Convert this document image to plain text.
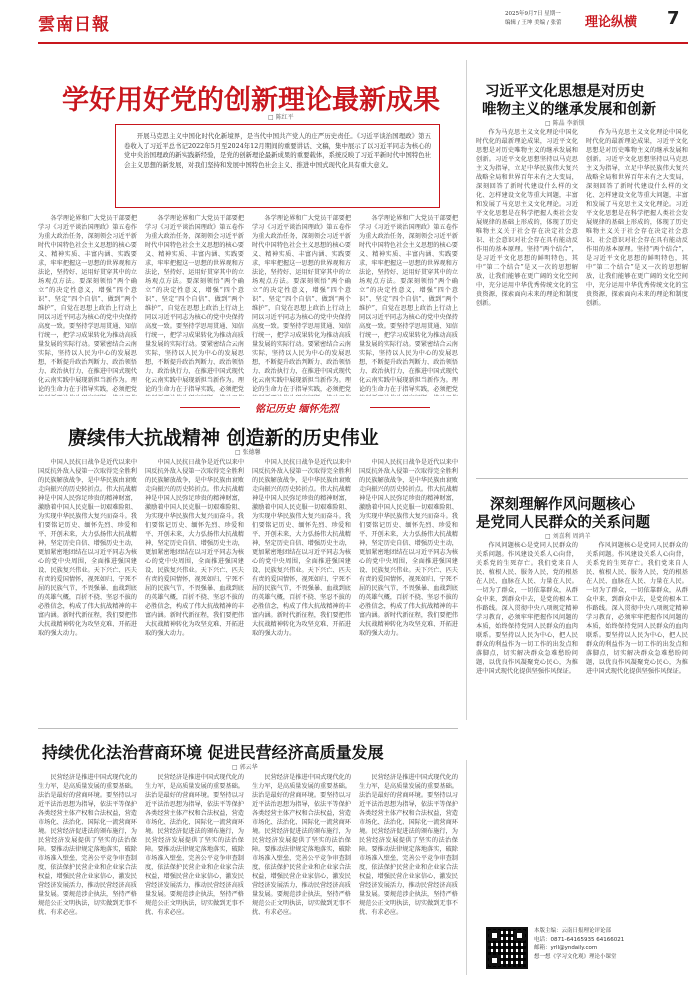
雲南日報
2025年9月7日 星期一
编辑 / 王坤 美编 / 张蕾	理论纵横 7
学好用好党的创新理论最新成果
□ 陈红平

开展马克思主义中国化时代化新境界，是当代中国共产党人的庄严历史责任。《习近平谈治国理政》第五卷收入了习近平总书记2022年5月至2024年12月期间的重要讲话、文稿，集中展示了以习近平同志为核心的党中央治国理政的新实践新经验，是党的创新理论最新成果的重要载体，系统反映了习近平新时代中国特色社会主义思想的新发展，对我们坚持和发展中国特色社会主义、推进中国式现代化具有重大意义。

各学理论界和广大党员干部要把学习《习近平谈治国理政》第五卷作为重大政治任务，深刻领会习近平新时代中国特色社会主义思想的核心要义、精神实质、丰富内涵、实践要求，牢牢把握这一思想的世界观和方法论，坚持好、运用好贯穿其中的立场观点方法。要深刻领悟“两个确立”的决定性意义，增强“四个意识”、坚定“四个自信”、做到“两个维护”，自觉在思想上政治上行动上同以习近平同志为核心的党中央保持高度一致。要坚持学思用贯通、知信行统一，把学习成果转化为推动高质量发展的实际行动。要紧密结合云南实际，坚持以人民为中心的发展思想，不断提升政治判断力、政治领悟力、政治执行力，在推进中国式现代化云南实践中展现新担当新作为。理论的生命力在于指导实践，必须把党

各学理论界和广大党员干部要把学习《习近平谈治国理政》第五卷作为重大政治任务，深刻领会习近平新时代中国特色社会主义思想的核心要义、精神实质、丰富内涵、实践要求，牢牢把握这一思想的世界观和方法论，坚持好、运用好贯穿其中的立场观点方法。要深刻领悟“两个确立”的决定性意义，增强“四个意识”、坚定“四个自信”、做到“两个维护”，自觉在思想上政治上行动上同以习近平同志为核心的党中央保持高度一致。要坚持学思用贯通、知信行统一，把学习成果转化为推动高质量发展的实际行动。要紧密结合云南实际，坚持以人民为中心的发展思想，不断提升政治判断力、政治领悟力、政治执行力，在推进中国式现代化云南实践中展现新担当新作为。理论的生命力在于指导实践，必须把党

各学理论界和广大党员干部要把学习《习近平谈治国理政》第五卷作为重大政治任务，深刻领会习近平新时代中国特色社会主义思想的核心要义、精神实质、丰富内涵、实践要求，牢牢把握这一思想的世界观和方法论，坚持好、运用好贯穿其中的立场观点方法。要深刻领悟“两个确立”的决定性意义，增强“四个意识”、坚定“四个自信”、做到“两个维护”，自觉在思想上政治上行动上同以习近平同志为核心的党中央保持高度一致。要坚持学思用贯通、知信行统一，把学习成果转化为推动高质量发展的实际行动。要紧密结合云南实际，坚持以人民为中心的发展思想，不断提升政治判断力、政治领悟力、政治执行力，在推进中国式现代化云南实践中展现新担当新作为。理论的生命力在于指导实践，必须把党

各学理论界和广大党员干部要把学习《习近平谈治国理政》第五卷作为重大政治任务，深刻领会习近平新时代中国特色社会主义思想的核心要义、精神实质、丰富内涵、实践要求，牢牢把握这一思想的世界观和方法论，坚持好、运用好贯穿其中的立场观点方法。要深刻领悟“两个确立”的决定性意义，增强“四个意识”、坚定“四个自信”、做到“两个维护”，自觉在思想上政治上行动上同以习近平同志为核心的党中央保持高度一致。要坚持学思用贯通、知信行统一，把学习成果转化为推动高质量发展的实际行动。要紧密结合云南实际，坚持以人民为中心的发展思想，不断提升政治判断力、政治领悟力、政治执行力，在推进中国式现代化云南实践中展现新担当新作为。理论的生命力在于指导实践，必须把党

铭记历史 缅怀先烈
赓续伟大抗战精神 创造新的历史伟业
□ 张德馨

中国人民抗日战争是近代以来中国反抗外敌入侵第一次取得完全胜利的民族解放战争，是中华民族由衰败走向振兴的历史转折点。伟大抗战精神是中国人民弥足珍贵的精神财富，激励着中国人民克服一切艰难险阻、为实现中华民族伟大复兴而奋斗。我们要铭记历史、缅怀先烈、珍爱和平、开创未来，大力弘扬伟大抗战精神，坚定历史自信、增强历史主动，更加紧密地团结在以习近平同志为核心的党中央周围，全面推进强国建设、民族复兴伟业。天下兴亡、匹夫有责的爱国情怀，视死如归、宁死不屈的民族气节，不畏强暴、血战到底的英雄气概，百折不挠、坚忍不拔的必胜信念，构成了伟大抗战精神的丰富内涵。新时代新征程，我们要把伟大抗战精神转化为攻坚克难、开拓进取的强大动力。

中国人民抗日战争是近代以来中国反抗外敌入侵第一次取得完全胜利的民族解放战争，是中华民族由衰败走向振兴的历史转折点。伟大抗战精神是中国人民弥足珍贵的精神财富，激励着中国人民克服一切艰难险阻、为实现中华民族伟大复兴而奋斗。我们要铭记历史、缅怀先烈、珍爱和平、开创未来，大力弘扬伟大抗战精神，坚定历史自信、增强历史主动，更加紧密地团结在以习近平同志为核心的党中央周围，全面推进强国建设、民族复兴伟业。天下兴亡、匹夫有责的爱国情怀，视死如归、宁死不屈的民族气节，不畏强暴、血战到底的英雄气概，百折不挠、坚忍不拔的必胜信念，构成了伟大抗战精神的丰富内涵。新时代新征程，我们要把伟大抗战精神转化为攻坚克难、开拓进取的强大动力。

中国人民抗日战争是近代以来中国反抗外敌入侵第一次取得完全胜利的民族解放战争，是中华民族由衰败走向振兴的历史转折点。伟大抗战精神是中国人民弥足珍贵的精神财富，激励着中国人民克服一切艰难险阻、为实现中华民族伟大复兴而奋斗。我们要铭记历史、缅怀先烈、珍爱和平、开创未来，大力弘扬伟大抗战精神，坚定历史自信、增强历史主动，更加紧密地团结在以习近平同志为核心的党中央周围，全面推进强国建设、民族复兴伟业。天下兴亡、匹夫有责的爱国情怀，视死如归、宁死不屈的民族气节，不畏强暴、血战到底的英雄气概，百折不挠、坚忍不拔的必胜信念，构成了伟大抗战精神的丰富内涵。新时代新征程，我们要把伟大抗战精神转化为攻坚克难、开拓进取的强大动力。

中国人民抗日战争是近代以来中国反抗外敌入侵第一次取得完全胜利的民族解放战争，是中华民族由衰败走向振兴的历史转折点。伟大抗战精神是中国人民弥足珍贵的精神财富，激励着中国人民克服一切艰难险阻、为实现中华民族伟大复兴而奋斗。我们要铭记历史、缅怀先烈、珍爱和平、开创未来，大力弘扬伟大抗战精神，坚定历史自信、增强历史主动，更加紧密地团结在以习近平同志为核心的党中央周围，全面推进强国建设、民族复兴伟业。天下兴亡、匹夫有责的爱国情怀，视死如归、宁死不屈的民族气节，不畏强暴、血战到底的英雄气概，百折不挠、坚忍不拔的必胜信念，构成了伟大抗战精神的丰富内涵。新时代新征程，我们要把伟大抗战精神转化为攻坚克难、开拓进取的强大动力。

习近平文化思想是对历史
唯物主义的继承发展和创新
□ 陈晶 李新锁

作为马克思主义文化理论中国化时代化的最新理论成果，习近平文化思想是对历史唯物主义的继承发展和创新。习近平文化思想坚持以马克思主义为指导，立足中华民族伟大复兴战略全局和世界百年未有之大变局，深刻回答了新时代建设什么样的文化、怎样建设文化等重大问题，丰富和发展了马克思主义文化理论。习近平文化思想是在科学把握人类社会发展规律的基础上形成的，体现了历史唯物主义关于社会存在决定社会意识、社会意识对社会存在具有能动反作用的基本原理。坚持“两个结合”，是习近平文化思想的鲜明特色，其中“第二个结合”是又一次的思想解放，让我们能够在更广阔的文化空间中，充分运用中华优秀传统文化的宝贵资源，探索面向未来的理论和制度创新。

作为马克思主义文化理论中国化时代化的最新理论成果，习近平文化思想是对历史唯物主义的继承发展和创新。习近平文化思想坚持以马克思主义为指导，立足中华民族伟大复兴战略全局和世界百年未有之大变局，深刻回答了新时代建设什么样的文化、怎样建设文化等重大问题，丰富和发展了马克思主义文化理论。习近平文化思想是在科学把握人类社会发展规律的基础上形成的，体现了历史唯物主义关于社会存在决定社会意识、社会意识对社会存在具有能动反作用的基本原理。坚持“两个结合”，是习近平文化思想的鲜明特色，其中“第二个结合”是又一次的思想解放，让我们能够在更广阔的文化空间中，充分运用中华优秀传统文化的宝贵资源，探索面向未来的理论和制度创新。

深刻理解作风问题核心
是党同人民群众的关系问题
□ 刘喜利 周鸿羊

作风问题核心是党同人民群众的关系问题。作风建设关系人心向背，关系党的生死存亡。我们党来自人民、植根人民、服务人民，党的根基在人民、血脉在人民、力量在人民。一切为了群众，一切依靠群众，从群众中来，到群众中去，是党的根本工作路线。深入贯彻中央八项规定精神学习教育，必须牢牢把握作风问题的本质，始终保持党同人民群众的血肉联系。要坚持以人民为中心，把人民群众的利益作为一切工作的出发点和落脚点，切实解决群众急难愁盼问题，以优良作风凝聚党心民心，为推进中国式现代化提供坚强作风保证。

作风问题核心是党同人民群众的关系问题。作风建设关系人心向背，关系党的生死存亡。我们党来自人民、植根人民、服务人民，党的根基在人民、血脉在人民、力量在人民。一切为了群众，一切依靠群众，从群众中来，到群众中去，是党的根本工作路线。深入贯彻中央八项规定精神学习教育，必须牢牢把握作风问题的本质，始终保持党同人民群众的血肉联系。要坚持以人民为中心，把人民群众的利益作为一切工作的出发点和落脚点，切实解决群众急难愁盼问题，以优良作风凝聚党心民心，为推进中国式现代化提供坚强作风保证。

持续优化法治营商环境 促进民营经济高质量发展
□ 郭云华

民营经济是推进中国式现代化的生力军，是高质量发展的重要基础。法治是最好的营商环境。要坚持以习近平法治思想为指导，依法平等保护各类经营主体产权和合法权益，营造市场化、法治化、国际化一流营商环境。民营经济促进法的颁布施行，为民营经济发展提供了坚实的法治保障。要推动法律规定落地落实，破除市场准入壁垒，完善公平竞争审查制度，依法保护民营企业和企业家合法权益，增强民营企业家信心，激发民营经济发展活力，推动民营经济高质量发展。要规范涉企执法，坚持严格规范公正文明执法，切实做到无事不扰、有求必应。

民营经济是推进中国式现代化的生力军，是高质量发展的重要基础。法治是最好的营商环境。要坚持以习近平法治思想为指导，依法平等保护各类经营主体产权和合法权益，营造市场化、法治化、国际化一流营商环境。民营经济促进法的颁布施行，为民营经济发展提供了坚实的法治保障。要推动法律规定落地落实，破除市场准入壁垒，完善公平竞争审查制度，依法保护民营企业和企业家合法权益，增强民营企业家信心，激发民营经济发展活力，推动民营经济高质量发展。要规范涉企执法，坚持严格规范公正文明执法，切实做到无事不扰、有求必应。

民营经济是推进中国式现代化的生力军，是高质量发展的重要基础。法治是最好的营商环境。要坚持以习近平法治思想为指导，依法平等保护各类经营主体产权和合法权益，营造市场化、法治化、国际化一流营商环境。民营经济促进法的颁布施行，为民营经济发展提供了坚实的法治保障。要推动法律规定落地落实，破除市场准入壁垒，完善公平竞争审查制度，依法保护民营企业和企业家合法权益，增强民营企业家信心，激发民营经济发展活力，推动民营经济高质量发展。要规范涉企执法，坚持严格规范公正文明执法，切实做到无事不扰、有求必应。

民营经济是推进中国式现代化的生力军，是高质量发展的重要基础。法治是最好的营商环境。要坚持以习近平法治思想为指导，依法平等保护各类经营主体产权和合法权益，营造市场化、法治化、国际化一流营商环境。民营经济促进法的颁布施行，为民营经济发展提供了坚实的法治保障。要推动法律规定落地落实，破除市场准入壁垒，完善公平竞争审查制度，依法保护民营企业和企业家合法权益，增强民营企业家信心，激发民营经济发展活力，推动民营经济高质量发展。要规范涉企执法，坚持严格规范公正文明执法，切实做到无事不扰、有求必应。

本版主编：云南日报理论评论部
电话：0871-64165935 64166021
邮箱：yrll@yndaily.com
想一想《学习文化观》理论小课堂
